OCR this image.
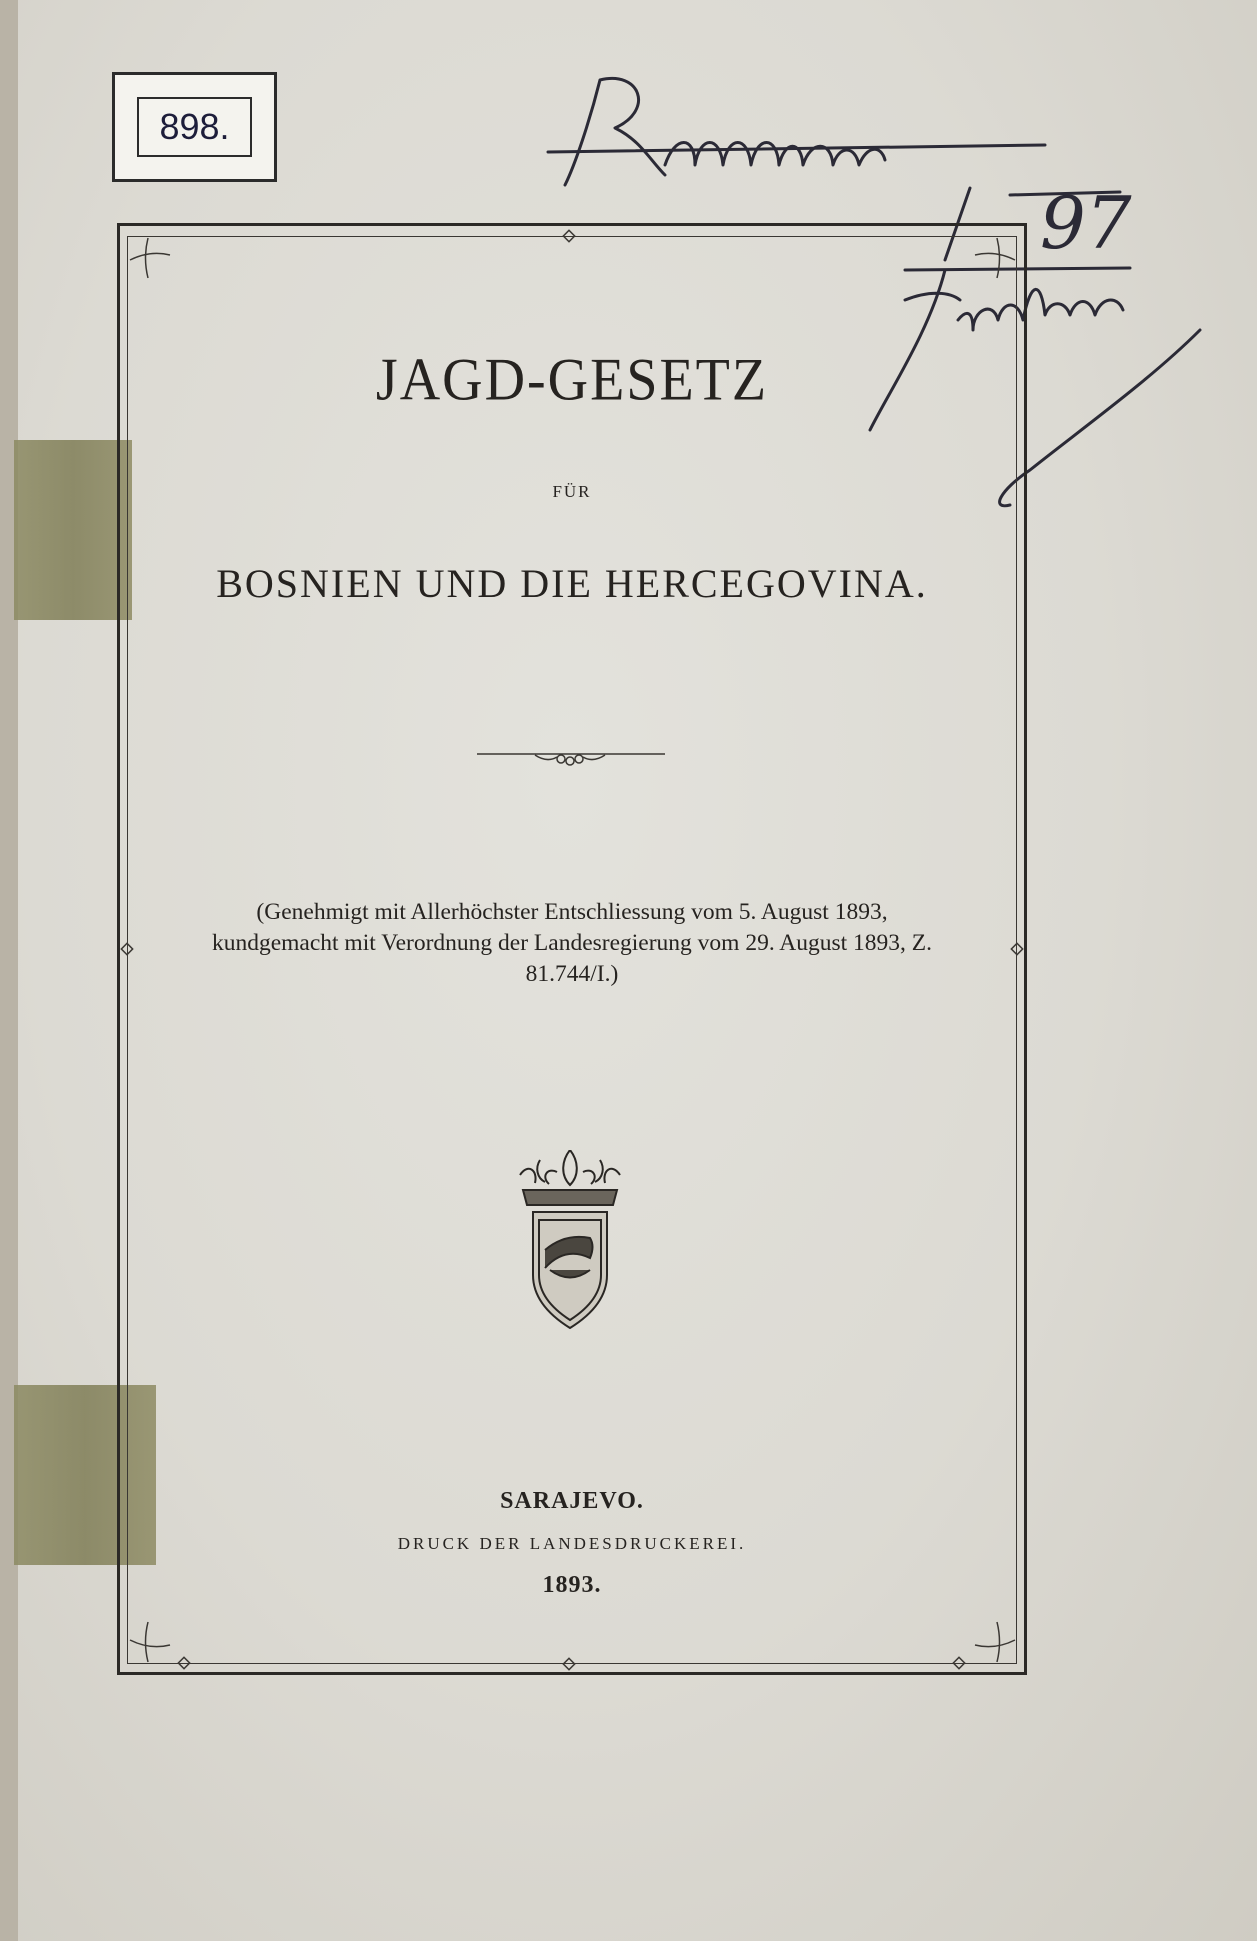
898.
97
JAGD-GESETZ
FÜR
BOSNIEN UND DIE HERCEGOVINA.
(Genehmigt mit Allerhöchster Entschliessung vom 5. August 1893, kundgemacht mit Verordnung der Landesregierung vom 29. August 1893, Z. 81.744/I.)
SARAJEVO.
DRUCK DER LANDESDRUCKEREI.
1893.
